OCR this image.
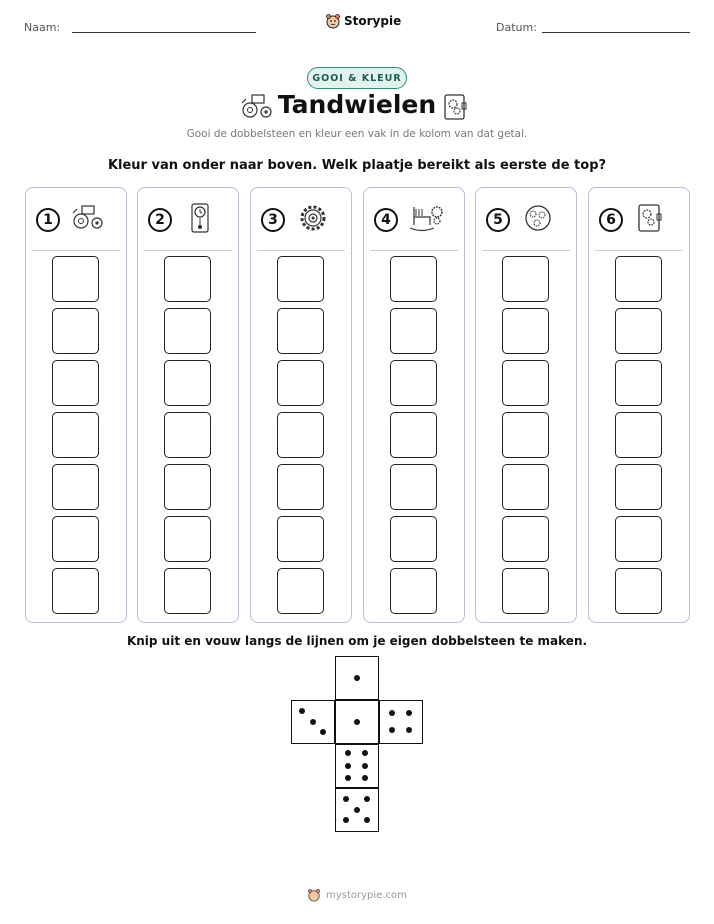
Naam:	Storypie	Datum:
GOOI & KLEUR
Tandwielen
Gooi de dobbelsteen en kleur een vak in de kolom van dat getal.
Kleur van onder naar boven. Welk plaatje bereikt als eerste de top?
1	2	3	4	5	6
Knip uit en vouw langs de lijnen om je eigen dobbelsteen te maken.
mystorypie.com
